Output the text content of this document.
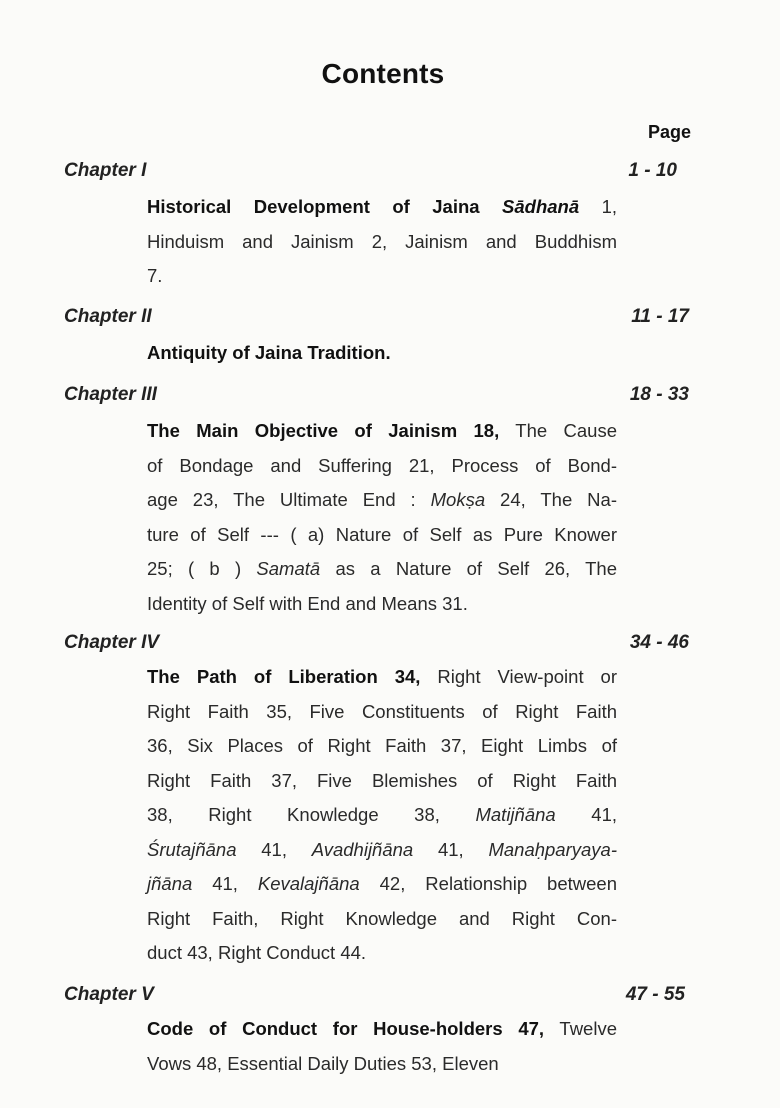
Contents
Page
Chapter I	1 - 10
Historical Development of Jaina Sādhanā 1,
Hinduism and Jainism 2, Jainism and Buddhism
7.
Chapter II	11 - 17
Antiquity of Jaina Tradition.
Chapter III	18 - 33
The Main Objective of Jainism 18, The Cause
of Bondage and Suffering 21, Process of Bond-
age 23, The Ultimate End : Mokṣa 24, The Na-
ture of Self --- ( a) Nature of Self as Pure Knower
25; ( b ) Samatā as a Nature of Self 26, The
Identity of Self with End and Means 31.
Chapter IV	34 - 46
The Path of Liberation 34, Right View-point or
Right Faith 35, Five Constituents of Right Faith
36, Six Places of Right Faith 37, Eight Limbs of
Right Faith 37, Five Blemishes of Right Faith
38, Right Knowledge 38, Matijñāna 41,
Śrutajñāna 41, Avadhijñāna 41, Manaḥparyaya-
jñāna 41, Kevalajñāna 42, Relationship between
Right Faith, Right Knowledge and Right Con-
duct 43, Right Conduct 44.
Chapter V	47 - 55
Code of Conduct for House-holders 47, Twelve
Vows 48, Essential Daily Duties 53, Eleven
